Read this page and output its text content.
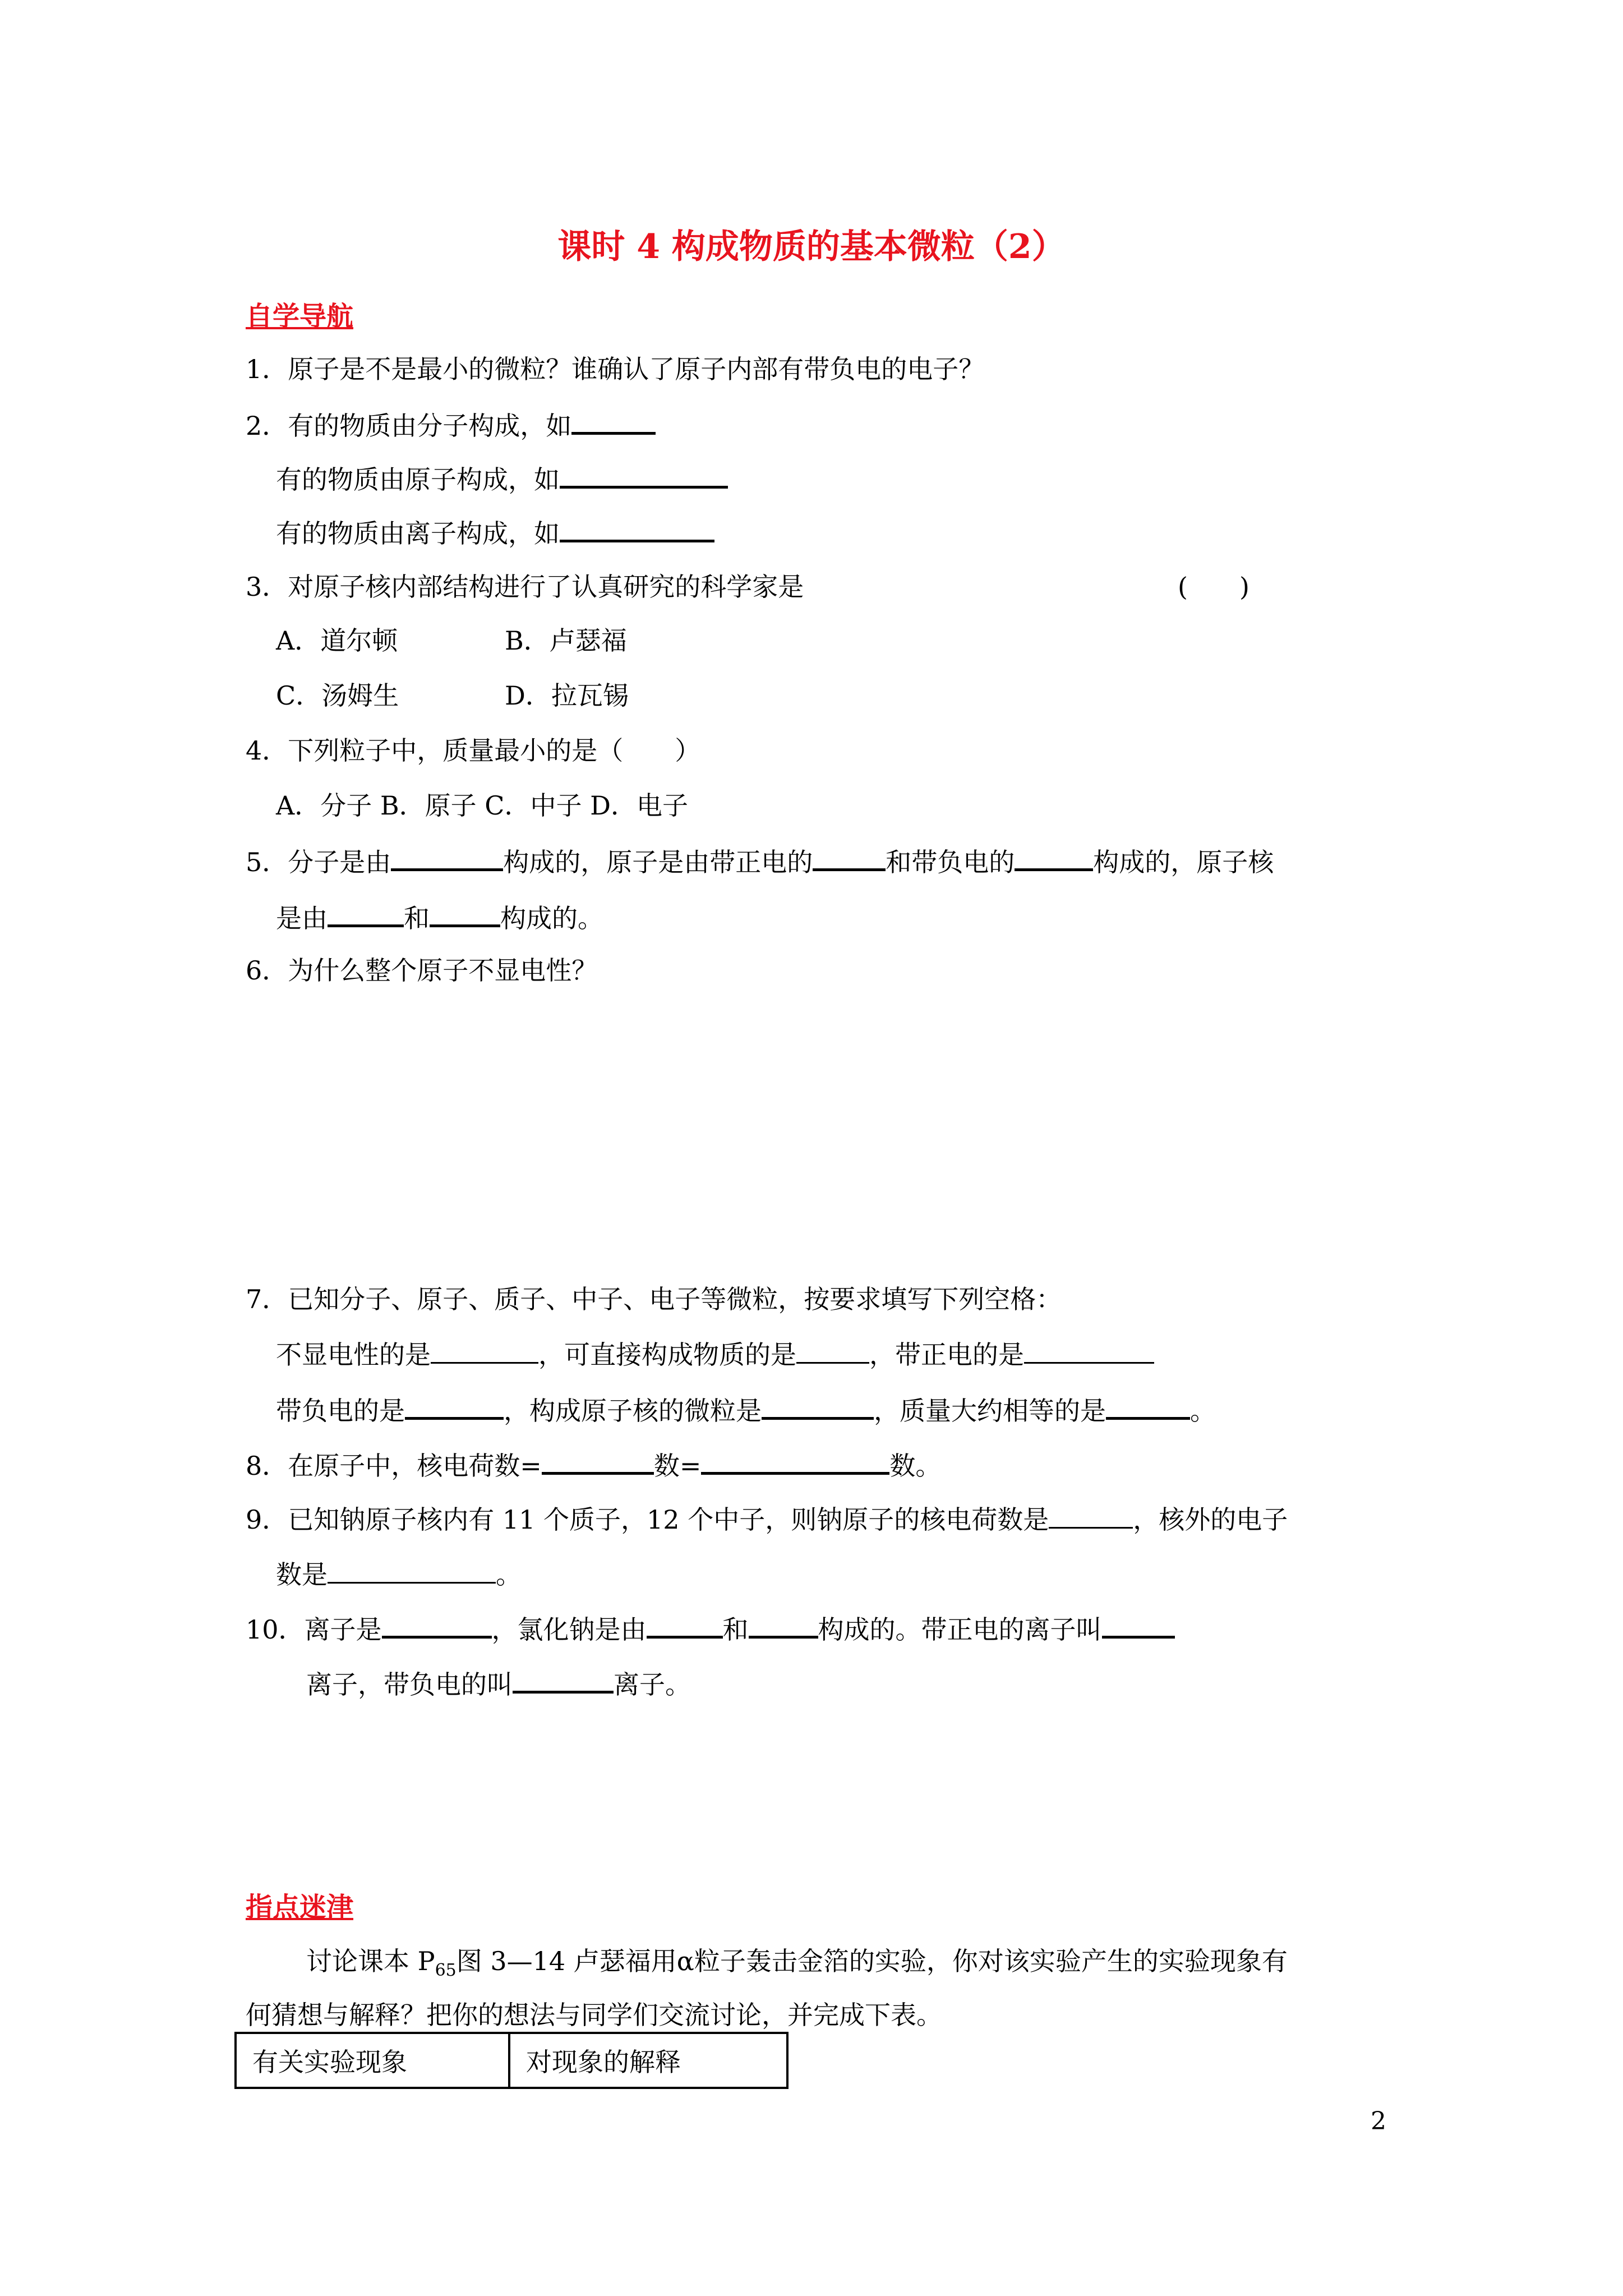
课时 4 构成物质的基本微粒（2）
自学导航
1．原子是不是最小的微粒？谁确认了原子内部有带负电的电子？
2．有的物质由分子构成，如
有的物质由原子构成，如
有的物质由离子构成，如
3．对原子核内部结构进行了认真研究的科学家是	(　　)
A．道尔顿	B．卢瑟福
C．汤姆生	D．拉瓦锡
4．下列粒子中，质量最小的是（　　）
A．分子 B．原子 C．中子 D．电子
5．分子是由	构成的，原子是由带正电的	和带负电的	构成的，原子核
是由	和	构成的。
6．为什么整个原子不显电性？
7．已知分子、原子、质子、中子、电子等微粒，按要求填写下列空格：
不显电性的是	，可直接构成物质的是	，带正电的是
带负电的是	，构成原子核的微粒是	，质量大约相等的是	。
8．在原子中，核电荷数=	数=	数。
9．已知钠原子核内有 11 个质子，12 个中子，则钠原子的核电荷数是	，核外的电子
数是	。
10．离子是	，氯化钠是由	和	构成的。带正电的离子叫
离子，带负电的叫	离子。
指点迷津
讨论课本 $P_{65}$图 3—14 卢瑟福用α粒子轰击金箔的实验，你对该实验产生的实验现象有
何猜想与解释？把你的想法与同学们交流讨论，并完成下表。
有关实验现象	对现象的解释
2
